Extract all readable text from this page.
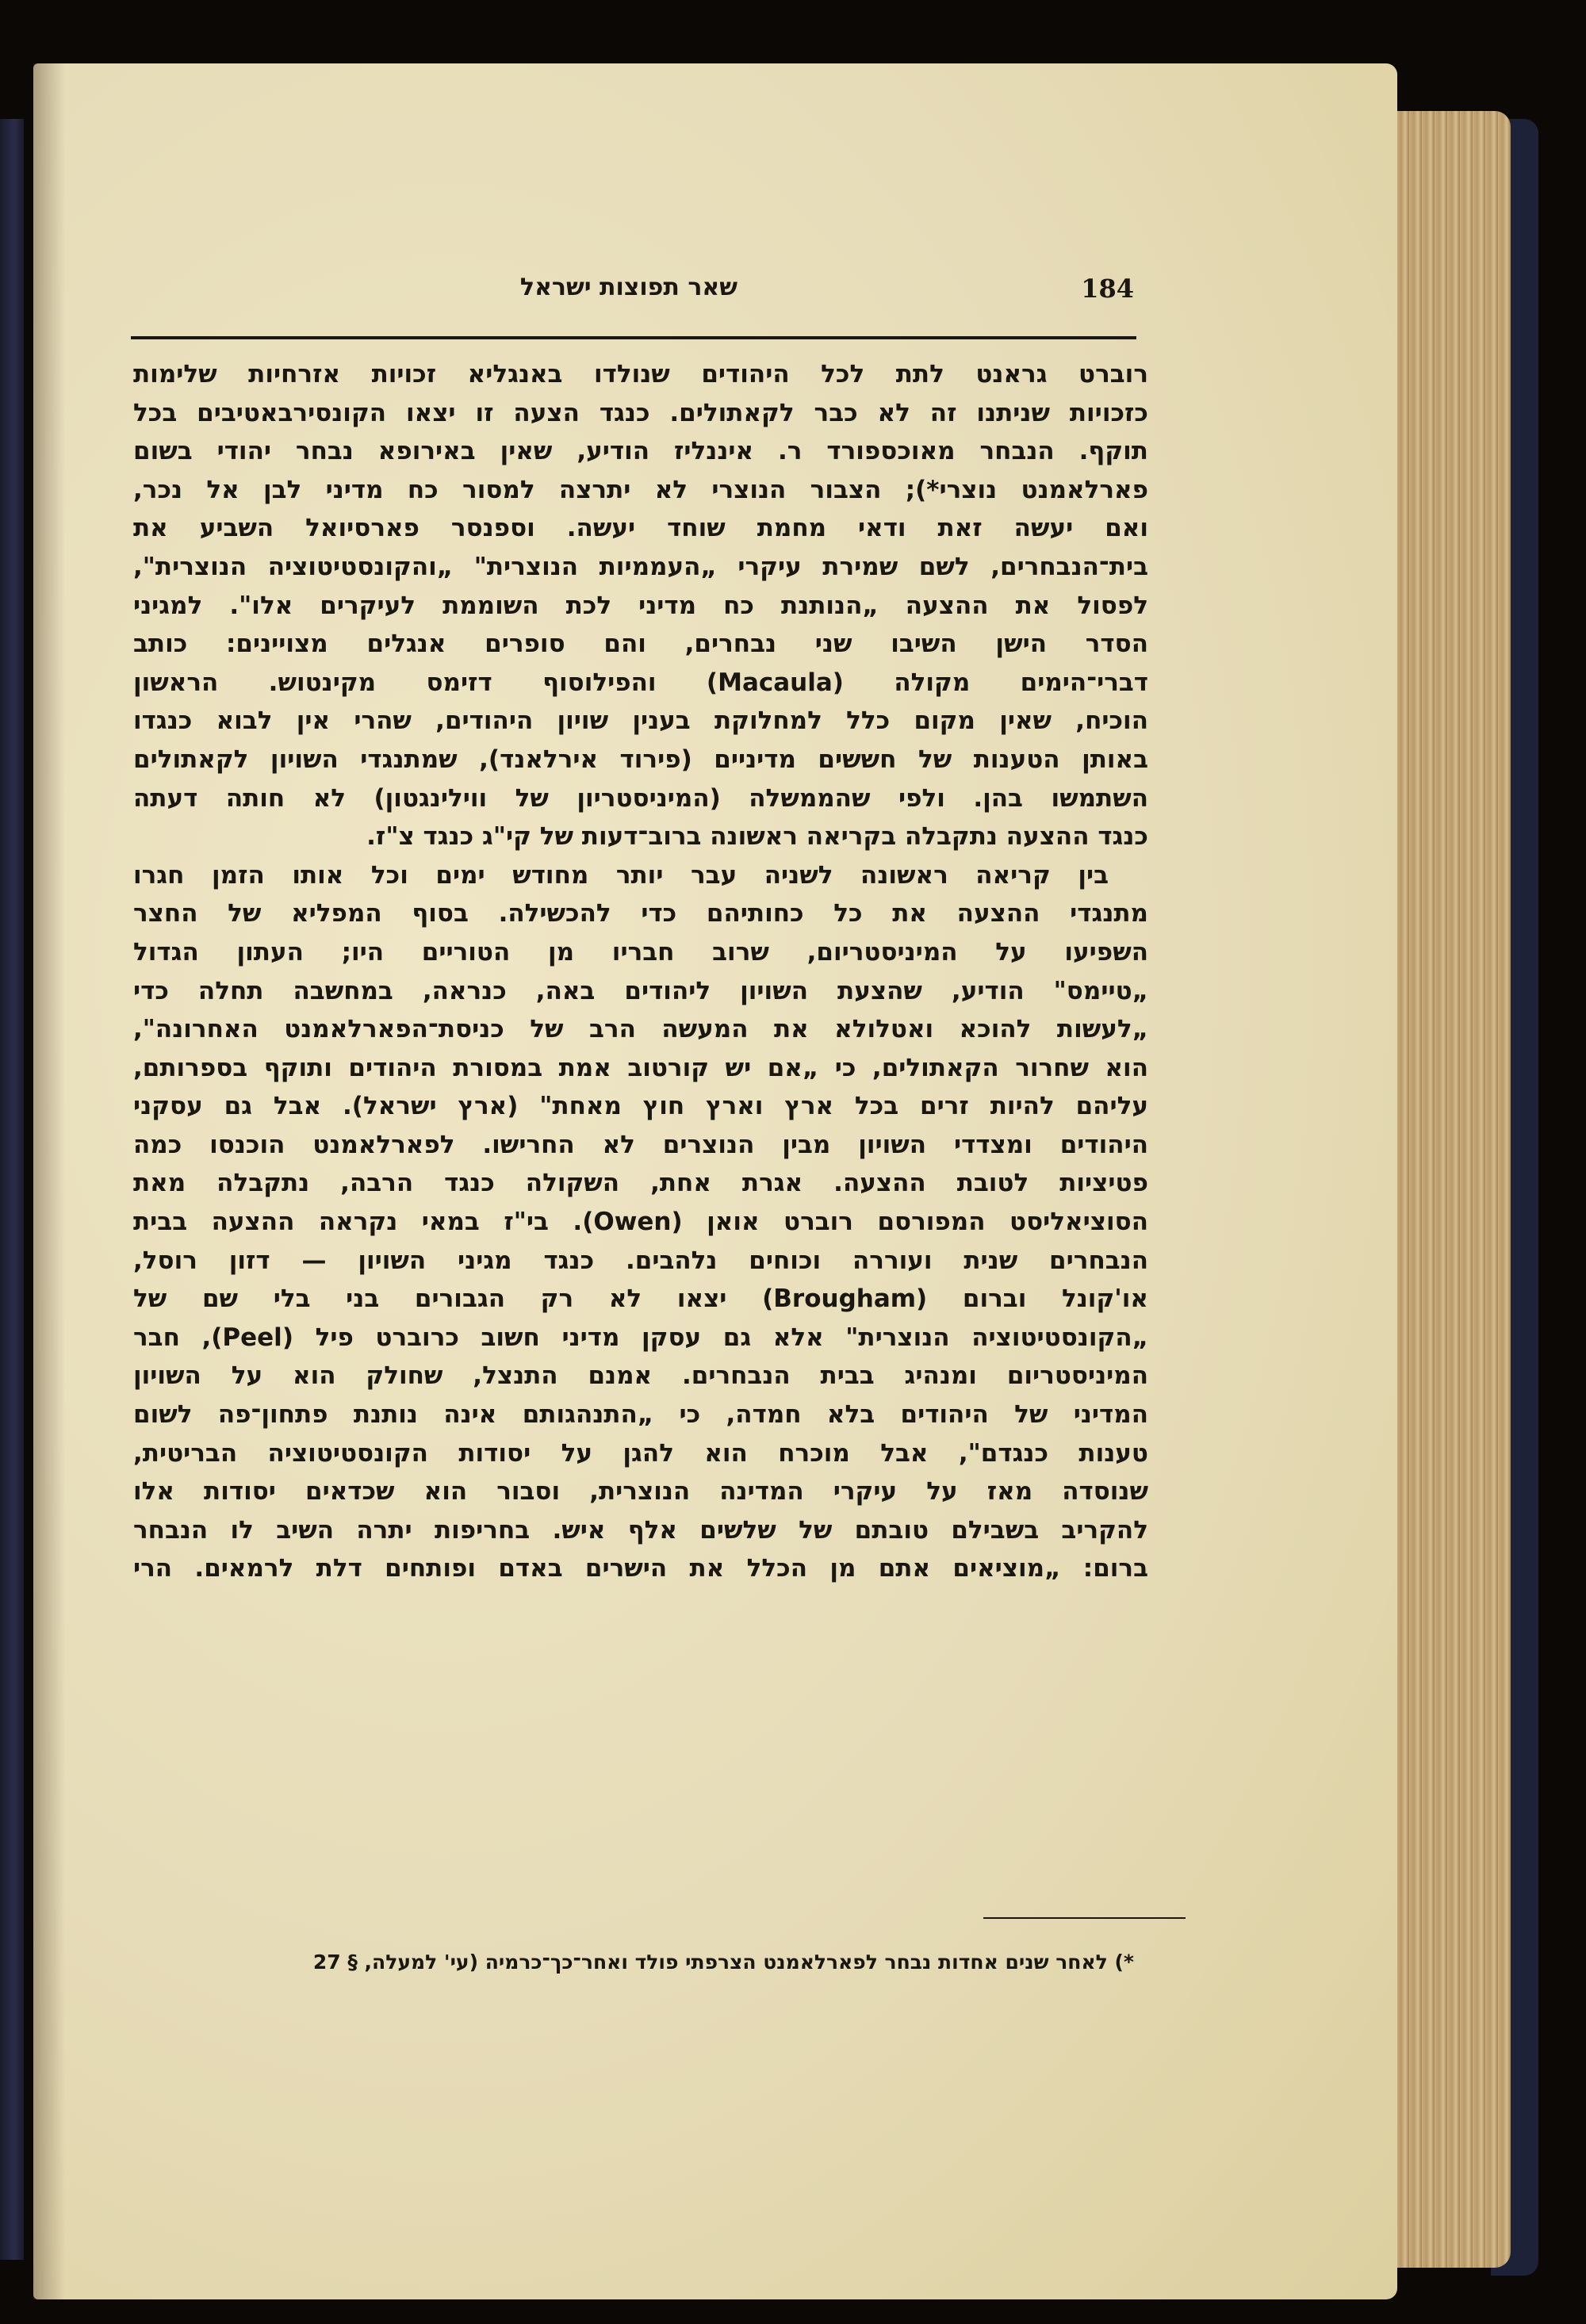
184
שאר תפוצות ישראל
רוברט גראנט לתת לכל היהודים שנולדו באנגליא זכויות אזרחיות שלימות
כזכויות שניתנו זה לא כבר לקאתולים. כנגד הצעה זו יצאו הקונסירבאטיבים בכל
תוקף. הנבחר מאוכספורד ר. איננליז הודיע, שאין באירופא נבחר יהודי בשום
פארלאמנט נוצרי*); הצבור הנוצרי לא יתרצה למסור כח מדיני לבן אל נכר,
ואם יעשה זאת ודאי מחמת שוחד יעשה. וספנסר פארסיואל השביע את
בית־הנבחרים, לשם שמירת עיקרי „העממיות הנוצרית" „והקונסטיטוציה הנוצרית",
לפסול את ההצעה „הנותנת כח מדיני לכת השוממת לעיקרים אלו". למגיני
הסדר הישן השיבו שני נבחרים, והם סופרים אנגלים מצויינים: כותב
דברי־הימים מקולה (Macaula) והפילוסוף דזימס מקינטוש. הראשון
הוכיח, שאין מקום כלל למחלוקת בענין שויון היהודים, שהרי אין לבוא כנגדו
באותן הטענות של חששים מדיניים (פירוד אירלאנד), שמתנגדי השויון לקאתולים
השתמשו בהן. ולפי שהממשלה (המיניסטריון של ווילינגטון) לא חותה דעתה
כנגד ההצעה נתקבלה בקריאה ראשונה ברוב־דעות של קי"ג כנגד צ"ז.
בין קריאה ראשונה לשניה עבר יותר מחודש ימים וכל אותו הזמן חגרו
מתנגדי ההצעה את כל כחותיהם כדי להכשילה. בסוף המפליא של החצר
השפיעו על המיניסטריום, שרוב חבריו מן הטוריים היו; העתון הגדול
„טיימס" הודיע, שהצעת השויון ליהודים באה, כנראה, במחשבה תחלה כדי
„לעשות להוכא ואטלולא את המעשה הרב של כניסת־הפארלאמנט האחרונה",
הוא שחרור הקאתולים, כי „אם יש קורטוב אמת במסורת היהודים ותוקף בספרותם,
עליהם להיות זרים בכל ארץ וארץ חוץ מאחת" (ארץ ישראל). אבל גם עסקני
היהודים ומצדדי השויון מבין הנוצרים לא החרישו. לפארלאמנט הוכנסו כמה
פטיציות לטובת ההצעה. אגרת אחת, השקולה כנגד הרבה, נתקבלה מאת
הסוציאליסט המפורסם רוברט אואן (Owen). בי"ז במאי נקראה ההצעה בבית
הנבחרים שנית ועוררה וכוחים נלהבים. כנגד מגיני השויון — דזון רוסל,
או'קונל וברום (Brougham) יצאו לא רק הגבורים בני בלי שם של
„הקונסטיטוציה הנוצרית" אלא גם עסקן מדיני חשוב כרוברט פיל (Peel), חבר
המיניסטריום ומנהיג בבית הנבחרים. אמנם התנצל, שחולק הוא על השויון
המדיני של היהודים בלא חמדה, כי „התנהגותם אינה נותנת פתחון־פה לשום
טענות כנגדם", אבל מוכרח הוא להגן על יסודות הקונסטיטוציה הבריטית,
שנוסדה מאז על עיקרי המדינה הנוצרית, וסבור הוא שכדאים יסודות אלו
להקריב בשבילם טובתם של שלשים אלף איש. בחריפות יתרה השיב לו הנבחר
ברום: „מוציאים אתם מן הכלל את הישרים באדם ופותחים דלת לרמאים. הרי
*) לאחר שנים אחדות נבחר לפארלאמנט הצרפתי פולד ואחר־כך־כרמיה (עי' למעלה, § 27
